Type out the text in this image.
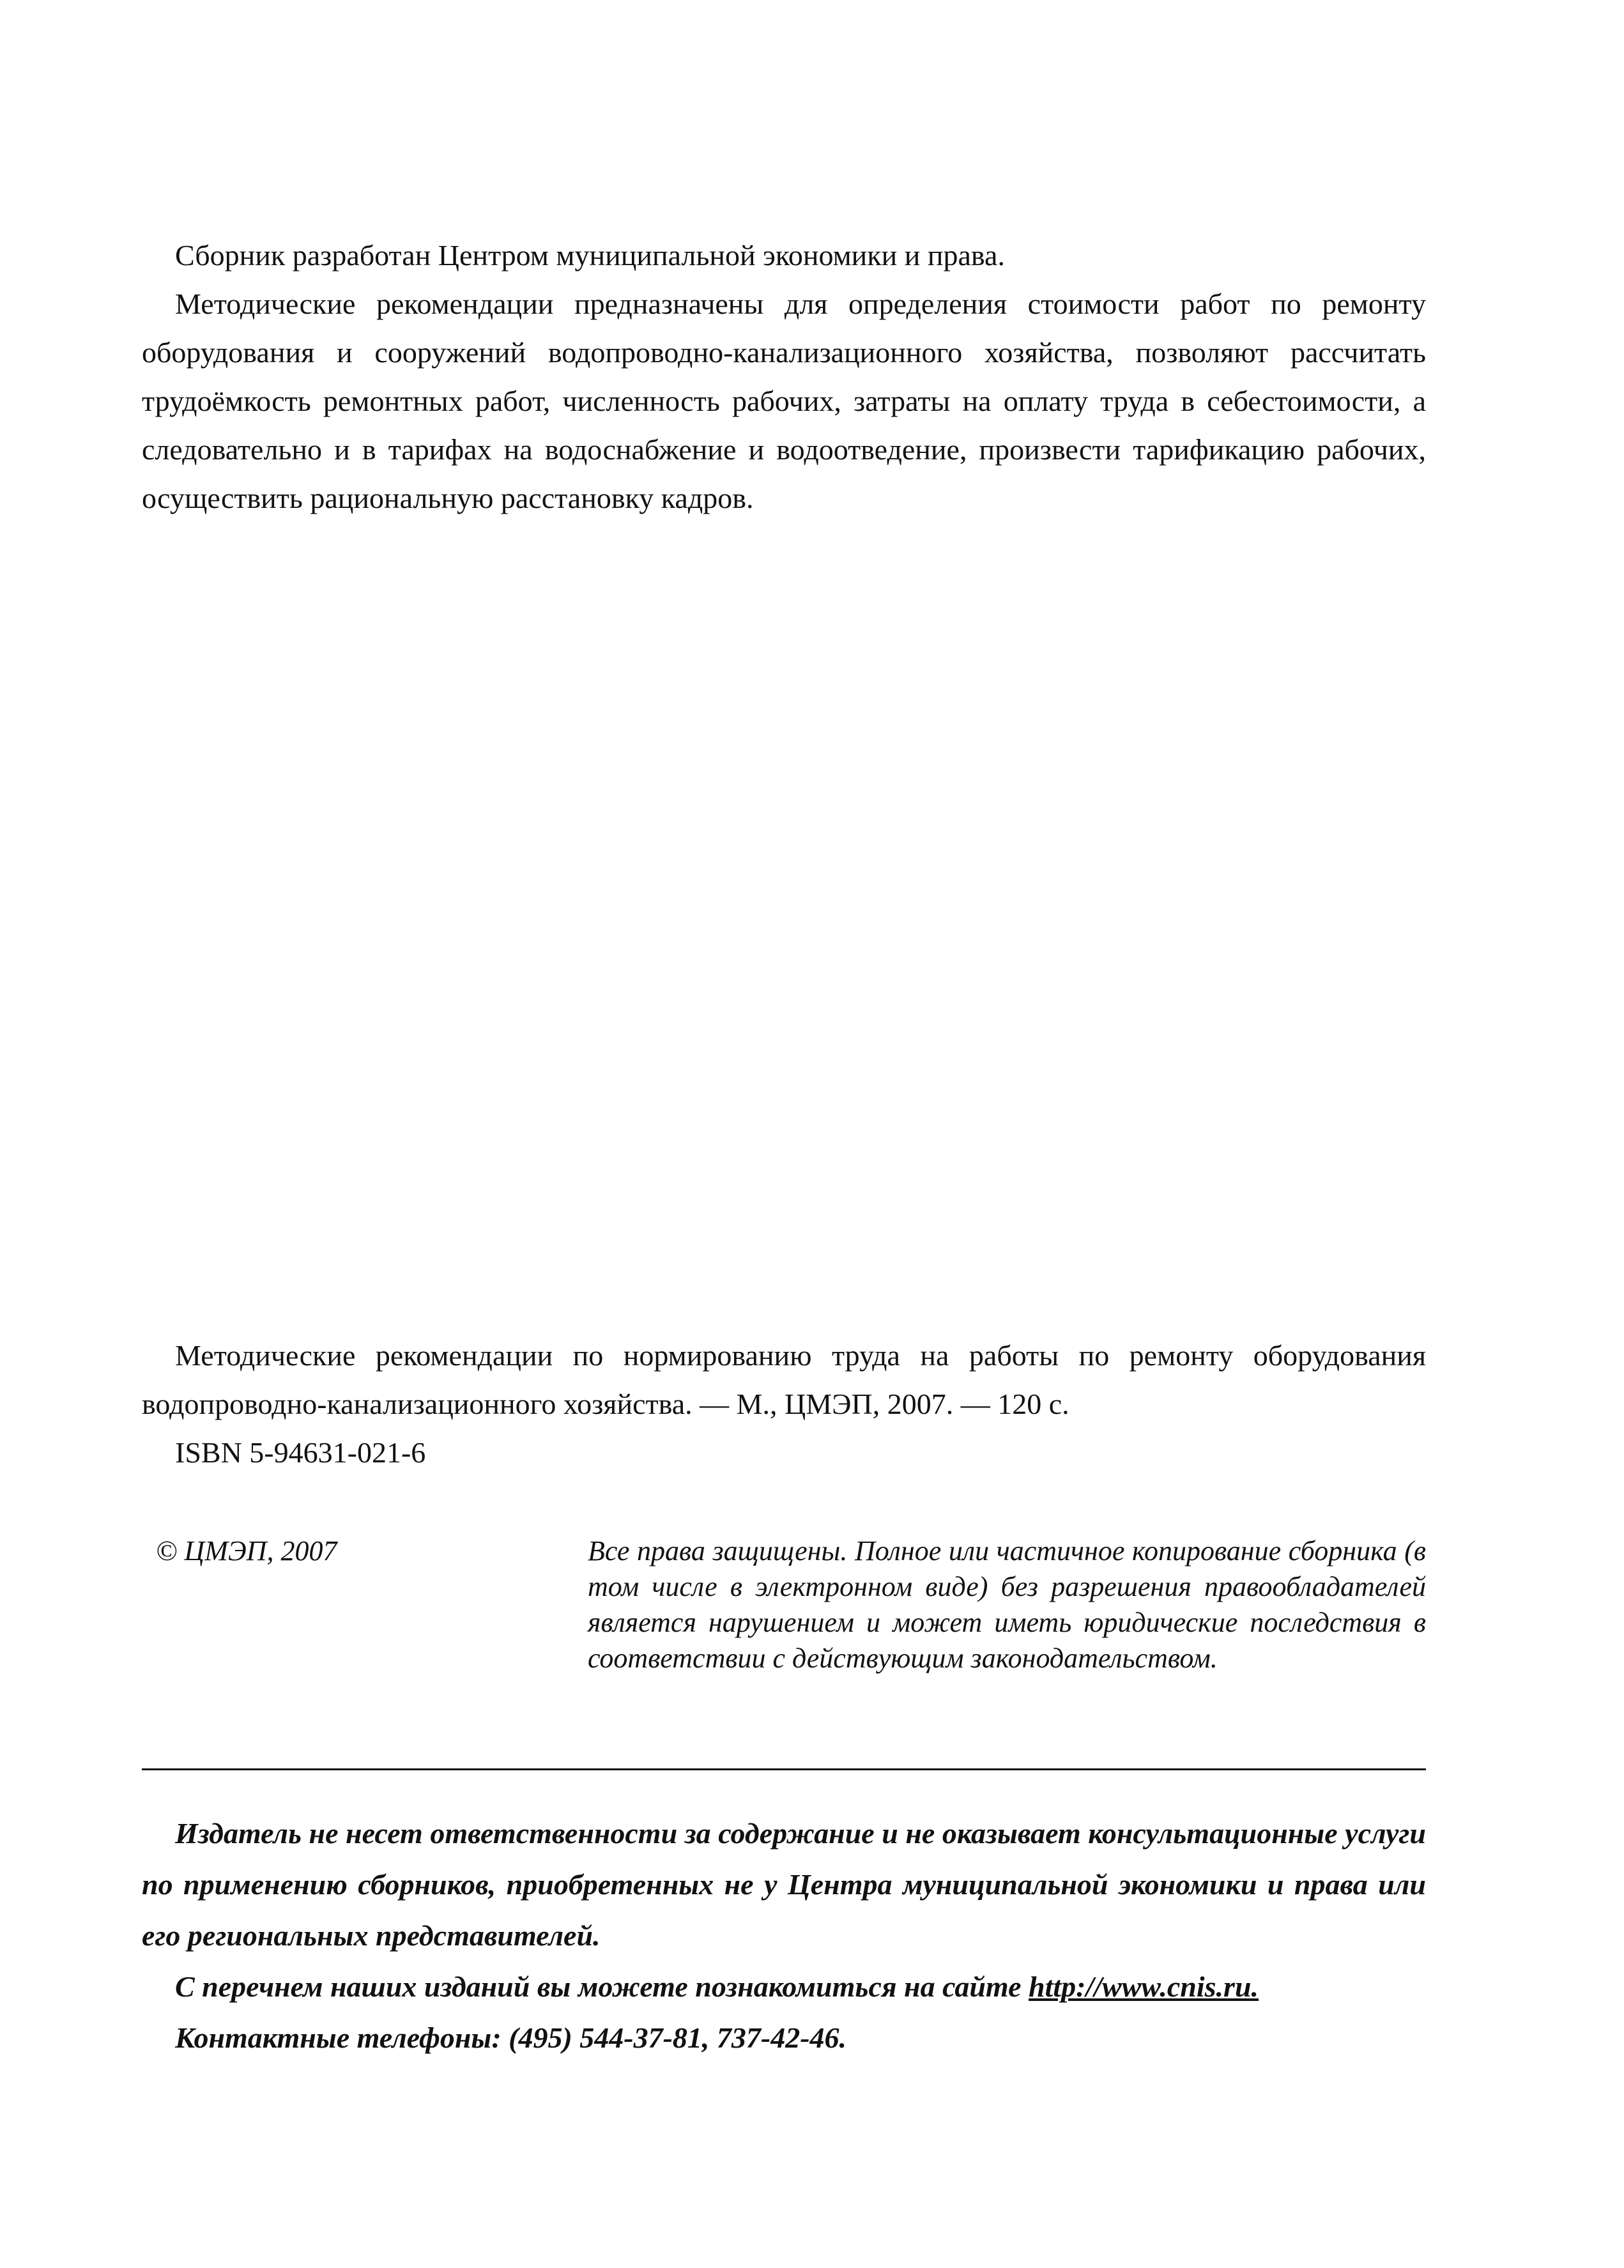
Сборник разработан Центром муниципальной экономики и права.

Методические рекомендации предназначены для определения стоимости работ по ремонту оборудования и сооружений водопроводно-канализационного хозяйства, позволяют рассчитать трудоёмкость ремонтных работ, численность рабочих, затраты на оплату труда в себестоимости, а следовательно и в тарифах на водоснабжение и водоотведение, произвести тарификацию рабочих, осуществить рациональную расстановку кадров.

Методические рекомендации по нормированию труда на работы по ремонту оборудования водопроводно-канализационного хозяйства. — М., ЦМЭП, 2007. — 120 с.

ISBN 5-94631-021-6

© ЦМЭП, 2007	Все права защищены. Полное или частичное копирование сборника (в том числе в электронном виде) без разрешения правообладателей является нарушением и может иметь юридические последствия в соответствии с действующим законодательством.

Издатель не несет ответственности за содержание и не оказывает консультационные услуги по применению сборников, приобретенных не у Центра муниципальной экономики и права или его региональных представителей.

С перечнем наших изданий вы можете познакомиться на сайте http://www.cnis.ru.

Контактные телефоны: (495) 544-37-81, 737-42-46.
